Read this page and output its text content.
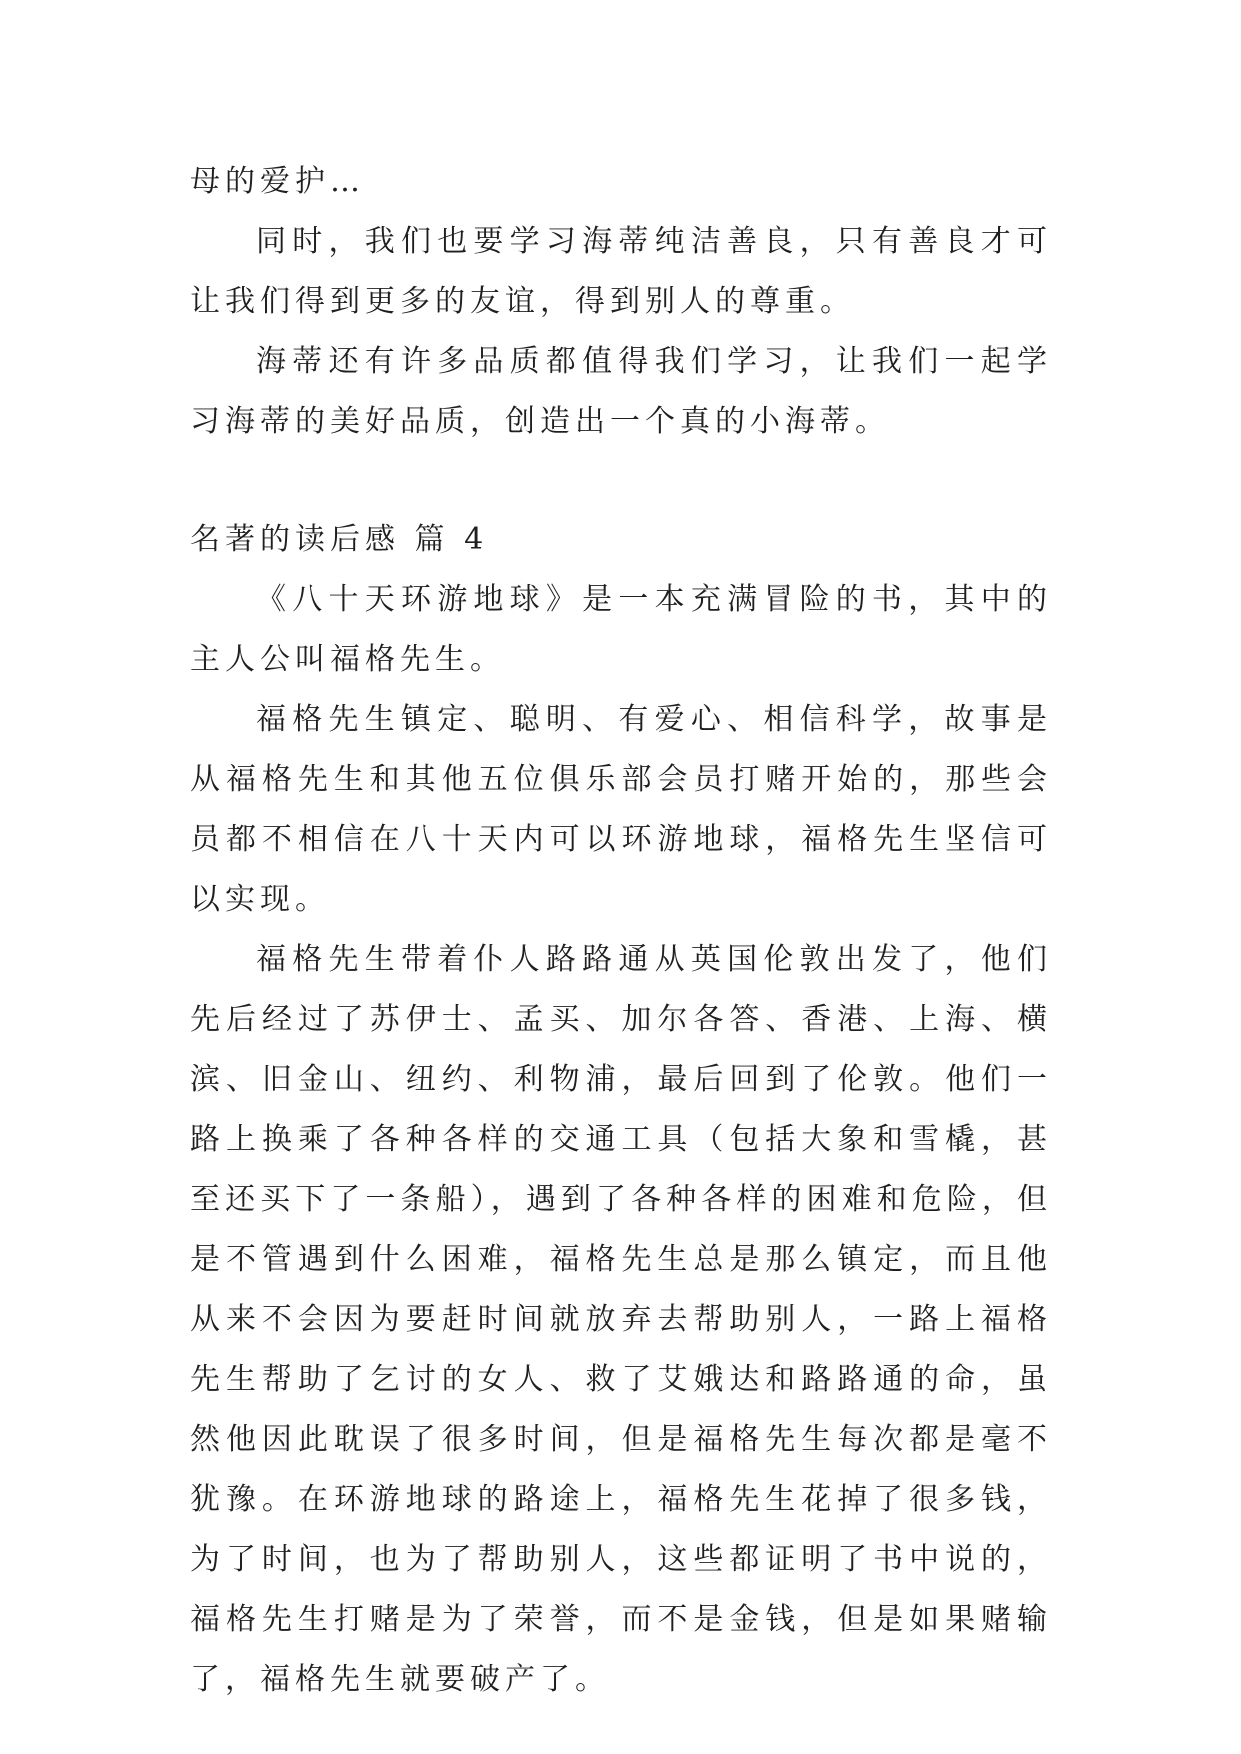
母的爱护…

同时，我们也要学习海蒂纯洁善良，只有善良才可让我们得到更多的友谊，得到别人的尊重。

海蒂还有许多品质都值得我们学习，让我们一起学习海蒂的美好品质，创造出一个真的小海蒂。

名著的读后感 篇 4

《八十天环游地球》是一本充满冒险的书，其中的主人公叫福格先生。

福格先生镇定、聪明、有爱心、相信科学，故事是从福格先生和其他五位俱乐部会员打赌开始的，那些会员都不相信在八十天内可以环游地球，福格先生坚信可以实现。

福格先生带着仆人路路通从英国伦敦出发了，他们先后经过了苏伊士、孟买、加尔各答、香港、上海、横滨、旧金山、纽约、利物浦，最后回到了伦敦。他们一路上换乘了各种各样的交通工具（包括大象和雪橇，甚至还买下了一条船），遇到了各种各样的困难和危险，但是不管遇到什么困难，福格先生总是那么镇定，而且他从来不会因为要赶时间就放弃去帮助别人，一路上福格先生帮助了乞讨的女人、救了艾娥达和路路通的命，虽然他因此耽误了很多时间，但是福格先生每次都是毫不犹豫。在环游地球的路途上，福格先生花掉了很多钱，为了时间，也为了帮助别人，这些都证明了书中说的，福格先生打赌是为了荣誉，而不是金钱，但是如果赌输了，福格先生就要破产了。
